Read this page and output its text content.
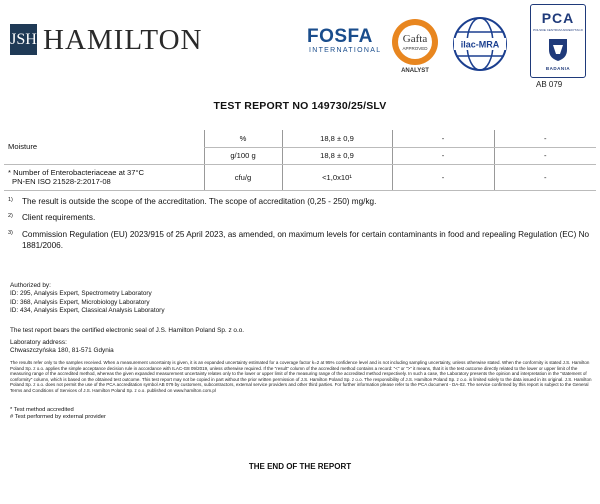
JSH HAMILTON	FOSFA
INTERNATIONAL
Gafta
APPROVED
ANALYST
ilac-MRA
PCA
POLSKIE CENTRUM AKREDYTACJI
BADANIA
AB 079
TEST REPORT NO 149730/25/SLV
Moisture	%	18,8 ± 0,9	-	-
	g/100 g	18,8 ± 0,9	-	-

* Number of Enterobacteriaceae at 37°C
PN-EN ISO 21528-2:2017-08	cfu/g	<1,0x10¹	-	-
$^{1)}$ The result is outside the scope of the accreditation. The scope of accreditation (0,25 - 250) mg/kg.
$^{2)}$ Client requirements.
$^{3)}$ Commission Regulation (EU) 2023/915 of 25 April 2023, as amended, on maximum levels for certain contaminants in food and repealing Regulation (EC) No 1881/2006.
Authorized by:
ID: 295, Analysis Expert, Spectrometry Laboratory
ID: 368, Analysis Expert, Microbiology Laboratory
ID: 434, Analysis Expert, Classical Analysis Laboratory
The test report bears the certified electronic seal of J.S. Hamilton Poland Sp. z o.o.
Laboratory address:
Chwaszczyńska 180, 81-571 Gdynia
The results refer only to the samples received. When a measurement uncertainty is given, it is an expanded uncertainty estimated for a coverage factor k=2 at 95% confidence level and is not including sampling uncertainty, unless otherwise stated. When the conformity is stated J.S. Hamilton Poland Sp. z o.o. applies the simple acceptance decision rule in accordance with ILAC-G8 09/2019, unless otherwise required. If the "result" column of the accredited method contains a record: "<" or ">" it means, that it is the test outcome directly related to the lower or upper limit of the measuring range of the accredited method, whereas the given expanded measurement uncertainty relates only to the lower or upper limit of the measuring range of the accredited method respectively. In such a case, the Laboratory presents the opinion and interpretation in the "statement of conformity" column, which is based on the obtained test outcome. This test report may not be copied in part without the prior written permission of J.S. Hamilton Poland Sp. z o.o. The responsibility of J.S. Hamilton Poland Sp. z o.o. is limited solely to the data issued in its original. J.S. Hamilton Poland Sp. z o.o. does not permit the use of the PCA accreditation symbol AB 079 by customers, subcontractors, external service providers and other third parties. For further information please refer to the PCA document - DA-02. The service confirmed by this report is subject to the General Terms and Conditions of Services of J.S. Hamilton Poland Sp. z o.o. published on www.hamilton.com.pl
* Test method accredited
# Test performed by external provider
THE END OF THE REPORT
